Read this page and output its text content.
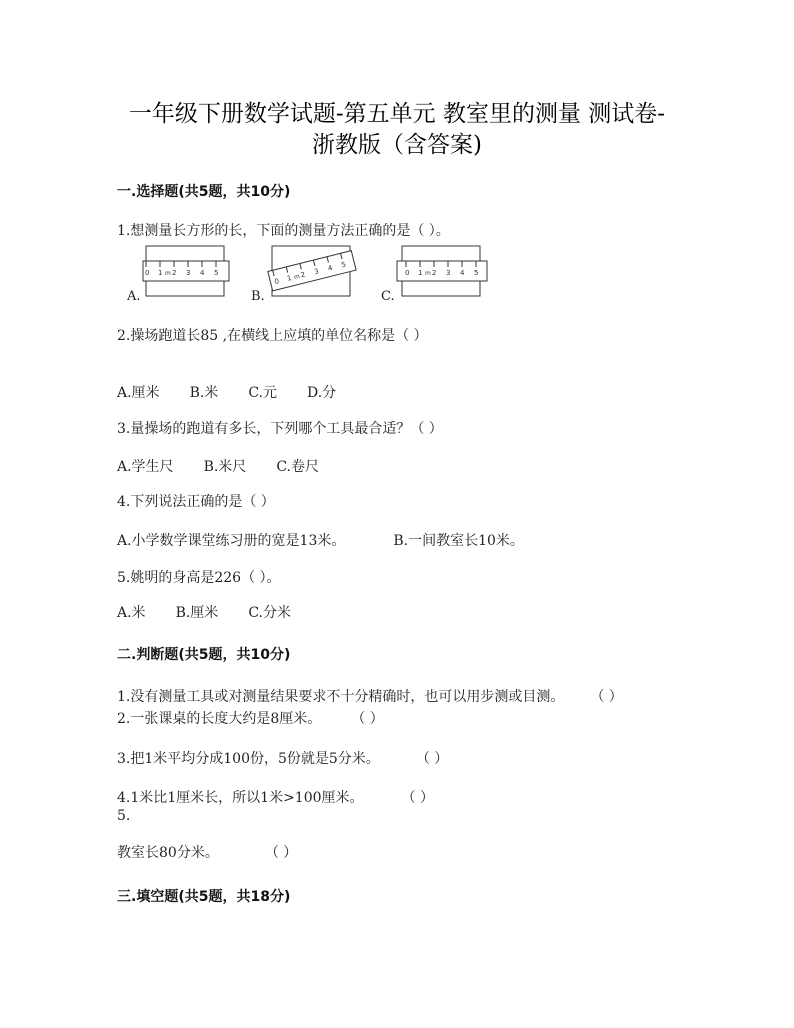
一年级下册数学试题-第五单元 教室里的测量 测试卷-
浙教版（含答案)
一.选择题(共5题，共10分)
1.想测量长方形的长，下面的测量方法正确的是（ ）。
0 1 m 2 3 4 5
A.
0 1 m 2 3 4 5
B.
0 1 m 2 3 4 5
C.
2.操场跑道长85 ,在横线上应填的单位名称是（ ）
A.厘米 B.米 C.元 D.分
3.量操场的跑道有多长，下列哪个工具最合适？（ ）
A.学生尺 B.米尺 C.卷尺
4.下列说法正确的是（ ）
A.小学数学课堂练习册的宽是13米。	B.一间教室长10米。
5.姚明的身高是226（ ）。
A.米 B.厘米 C.分米
二.判断题(共5题，共10分)
1.没有测量工具或对测量结果要求不十分精确时，也可以用步测或目测。 （ ）
2.一张课桌的长度大约是8厘米。 （ ）
3.把1米平均分成100份，5份就是5分米。	（ ）
4.1米比1厘米长，所以1米>100厘米。	（ ）
5.
教室长80分米。	（ ）
三.填空题(共5题，共18分)
